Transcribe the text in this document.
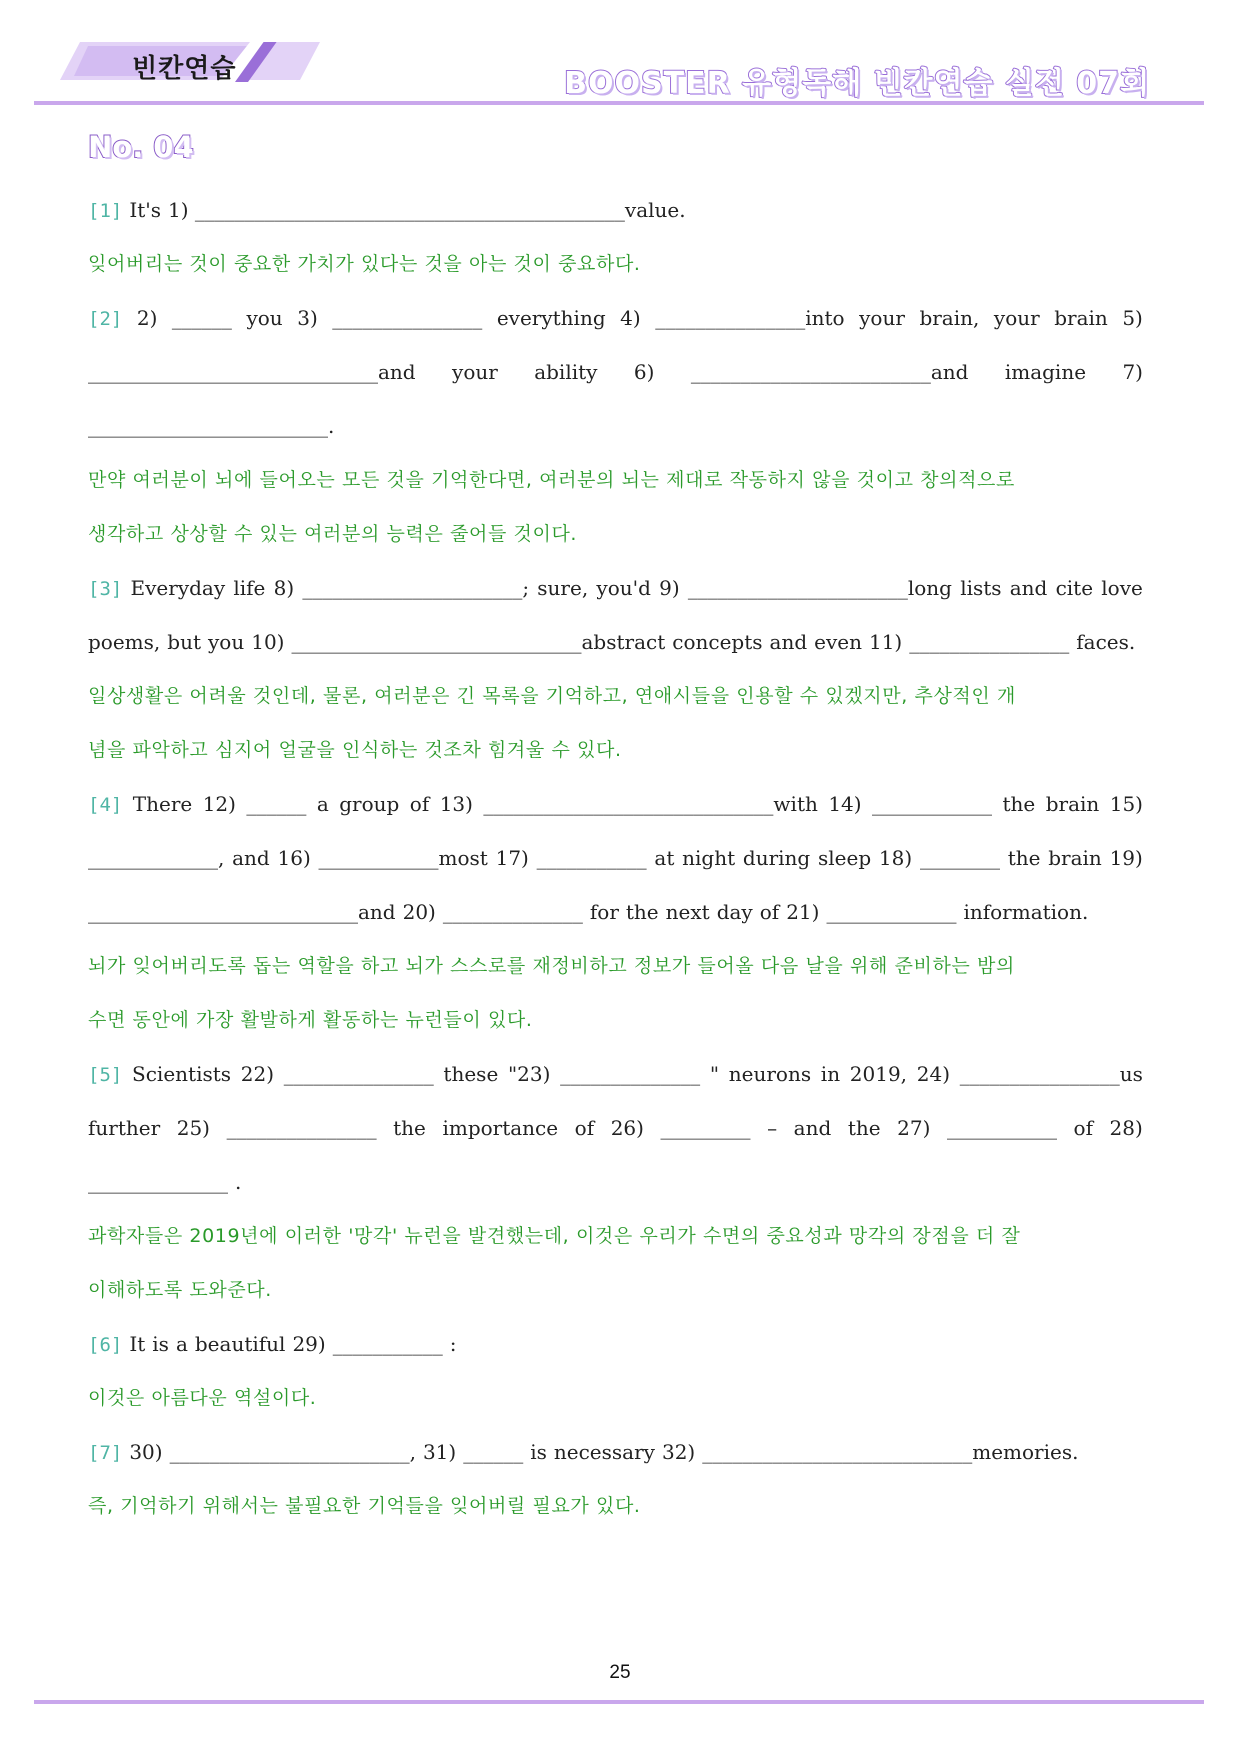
빈칸연습	BOOSTER 유형독해 빈칸연습 실전 07회
No. 04
[1] It's 1) ___________________________________________value.
잊어버리는 것이 중요한 가치가 있다는 것을 아는 것이 중요하다.
[2] 2) ______ you 3) _______________ everything 4) _______________into your brain, your brain 5)
_____________________________and your ability 6) ________________________and imagine 7)
________________________.
만약 여러분이 뇌에 들어오는 모든 것을 기억한다면, 여러분의 뇌는 제대로 작동하지 않을 것이고 창의적으로
생각하고 상상할 수 있는 여러분의 능력은 줄어들 것이다.
[3] Everyday life 8) ______________________; sure, you'd 9) ______________________long lists and cite love
poems, but you 10) _____________________________abstract concepts and even 11) ________________ faces.
일상생활은 어려울 것인데, 물론, 여러분은 긴 목록을 기억하고, 연애시들을 인용할 수 있겠지만, 추상적인 개
념을 파악하고 심지어 얼굴을 인식하는 것조차 힘겨울 수 있다.
[4] There 12) ______ a group of 13) _____________________________with 14) ____________ the brain 15)
_____________, and 16) ____________most 17) ___________ at night during sleep 18) ________ the brain 19)
___________________________and 20) ______________ for the next day of 21) _____________ information.
뇌가 잊어버리도록 돕는 역할을 하고 뇌가 스스로를 재정비하고 정보가 들어올 다음 날을 위해 준비하는 밤의
수면 동안에 가장 활발하게 활동하는 뉴런들이 있다.
[5] Scientists 22) _______________ these "23) ______________ " neurons in 2019, 24) ________________us
further 25) _______________ the importance of 26) _________ – and the 27) ___________ of 28)
______________ .
과학자들은 2019년에 이러한 '망각' 뉴런을 발견했는데, 이것은 우리가 수면의 중요성과 망각의 장점을 더 잘
이해하도록 도와준다.
[6] It is a beautiful 29) ___________ :
이것은 아름다운 역설이다.
[7] 30) ________________________, 31) ______ is necessary 32) ___________________________memories.
즉, 기억하기 위해서는 불필요한 기억들을 잊어버릴 필요가 있다.
25
